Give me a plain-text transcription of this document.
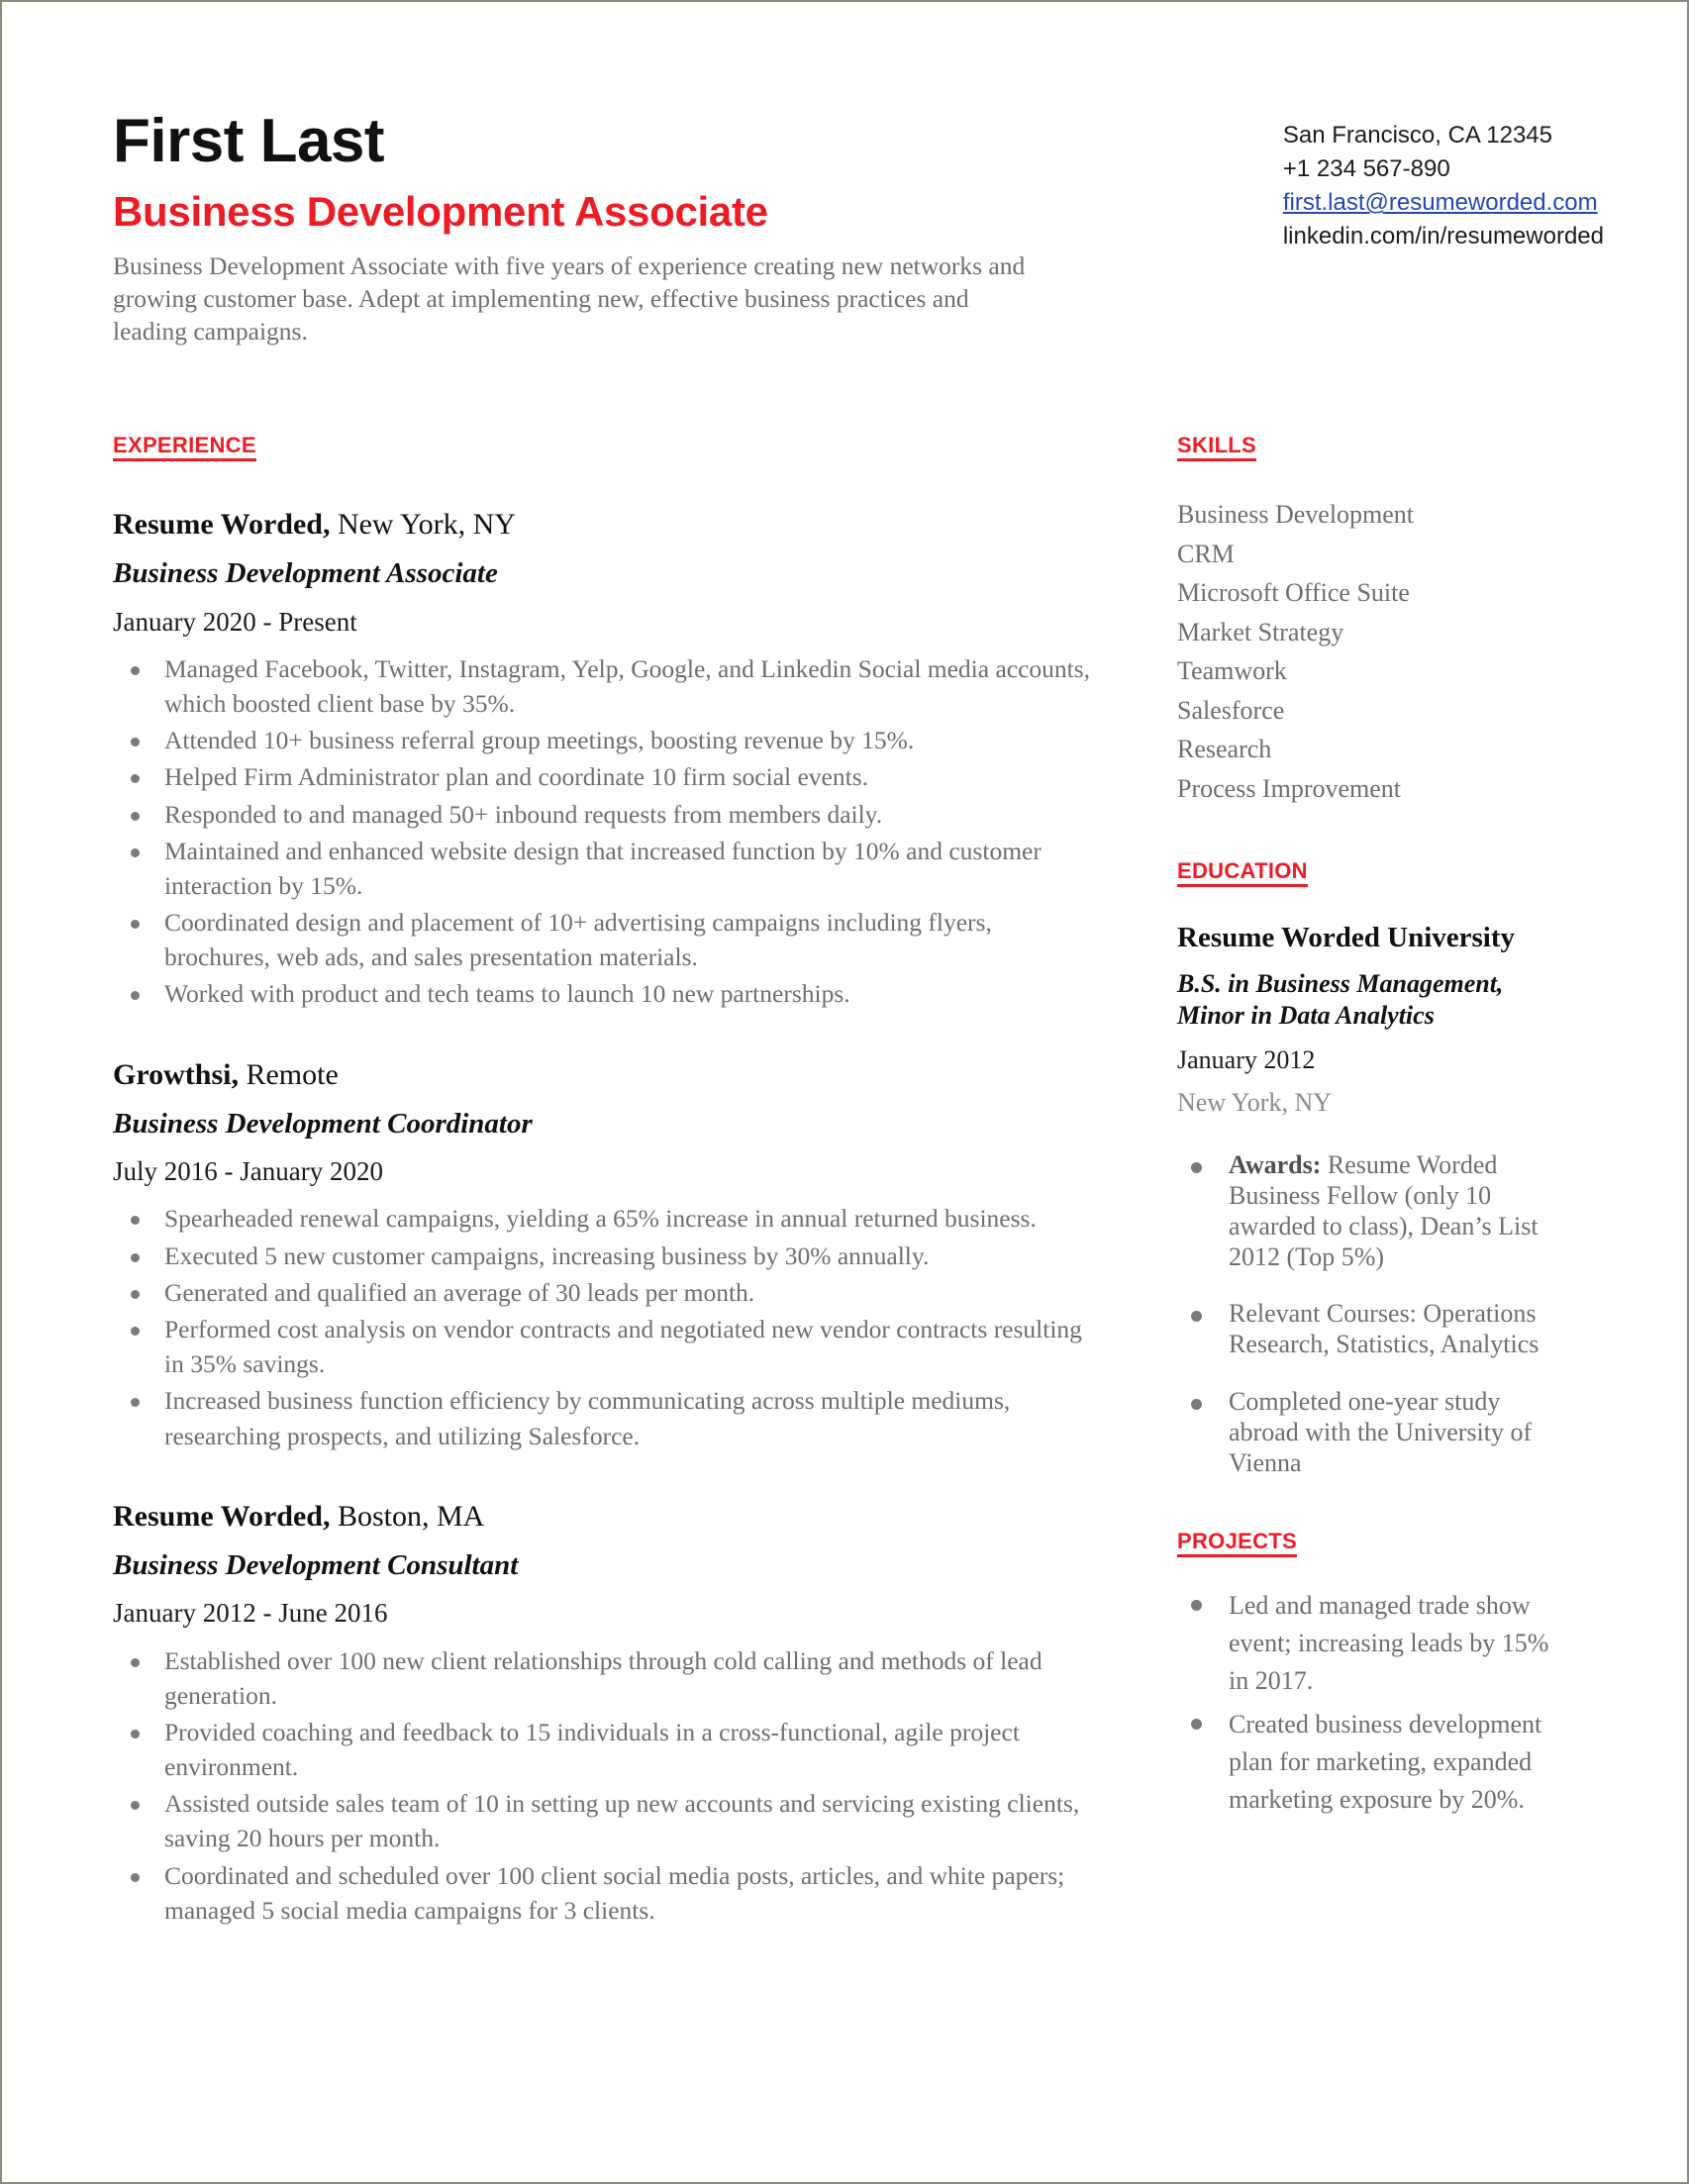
First Last
Business Development Associate
Business Development Associate with five years of experience creating new networks and growing customer base. Adept at implementing new, effective business practices and leading campaigns.
San Francisco, CA 12345
+1 234 567-890
first.last@resumeworded.com
linkedin.com/in/resumeworded
EXPERIENCE
Resume Worded, New York, NY
Business Development Associate
January 2020 - Present
Managed Facebook, Twitter, Instagram, Yelp, Google, and Linkedin Social media accounts, which boosted client base by 35%.
Attended 10+ business referral group meetings, boosting revenue by 15%.
Helped Firm Administrator plan and coordinate 10 firm social events.
Responded to and managed 50+ inbound requests from members daily.
Maintained and enhanced website design that increased function by 10% and customer interaction by 15%.
Coordinated design and placement of 10+ advertising campaigns including flyers, brochures, web ads, and sales presentation materials.
Worked with product and tech teams to launch 10 new partnerships.
Growthsi, Remote
Business Development Coordinator
July 2016 - January 2020
Spearheaded renewal campaigns, yielding a 65% increase in annual returned business.
Executed 5 new customer campaigns, increasing business by 30% annually.
Generated and qualified an average of 30 leads per month.
Performed cost analysis on vendor contracts and negotiated new vendor contracts resulting in 35% savings.
Increased business function efficiency by communicating across multiple mediums, researching prospects, and utilizing Salesforce.
Resume Worded, Boston, MA
Business Development Consultant
January 2012 - June 2016
Established over 100 new client relationships through cold calling and methods of lead generation.
Provided coaching and feedback to 15 individuals in a cross-functional, agile project environment.
Assisted outside sales team of 10 in setting up new accounts and servicing existing clients, saving 20 hours per month.
Coordinated and scheduled over 100 client social media posts, articles, and white papers; managed 5 social media campaigns for 3 clients.
SKILLS
Business Development
CRM
Microsoft Office Suite
Market Strategy
Teamwork
Salesforce
Research
Process Improvement
EDUCATION
Resume Worded University
B.S. in Business Management, Minor in Data Analytics
January 2012
New York, NY
Awards: Resume Worded Business Fellow (only 10 awarded to class), Dean’s List 2012 (Top 5%)
Relevant Courses: Operations Research, Statistics, Analytics
Completed one-year study abroad with the University of Vienna
PROJECTS
Led and managed trade show event; increasing leads by 15% in 2017.
Created business development plan for marketing, expanded marketing exposure by 20%.
